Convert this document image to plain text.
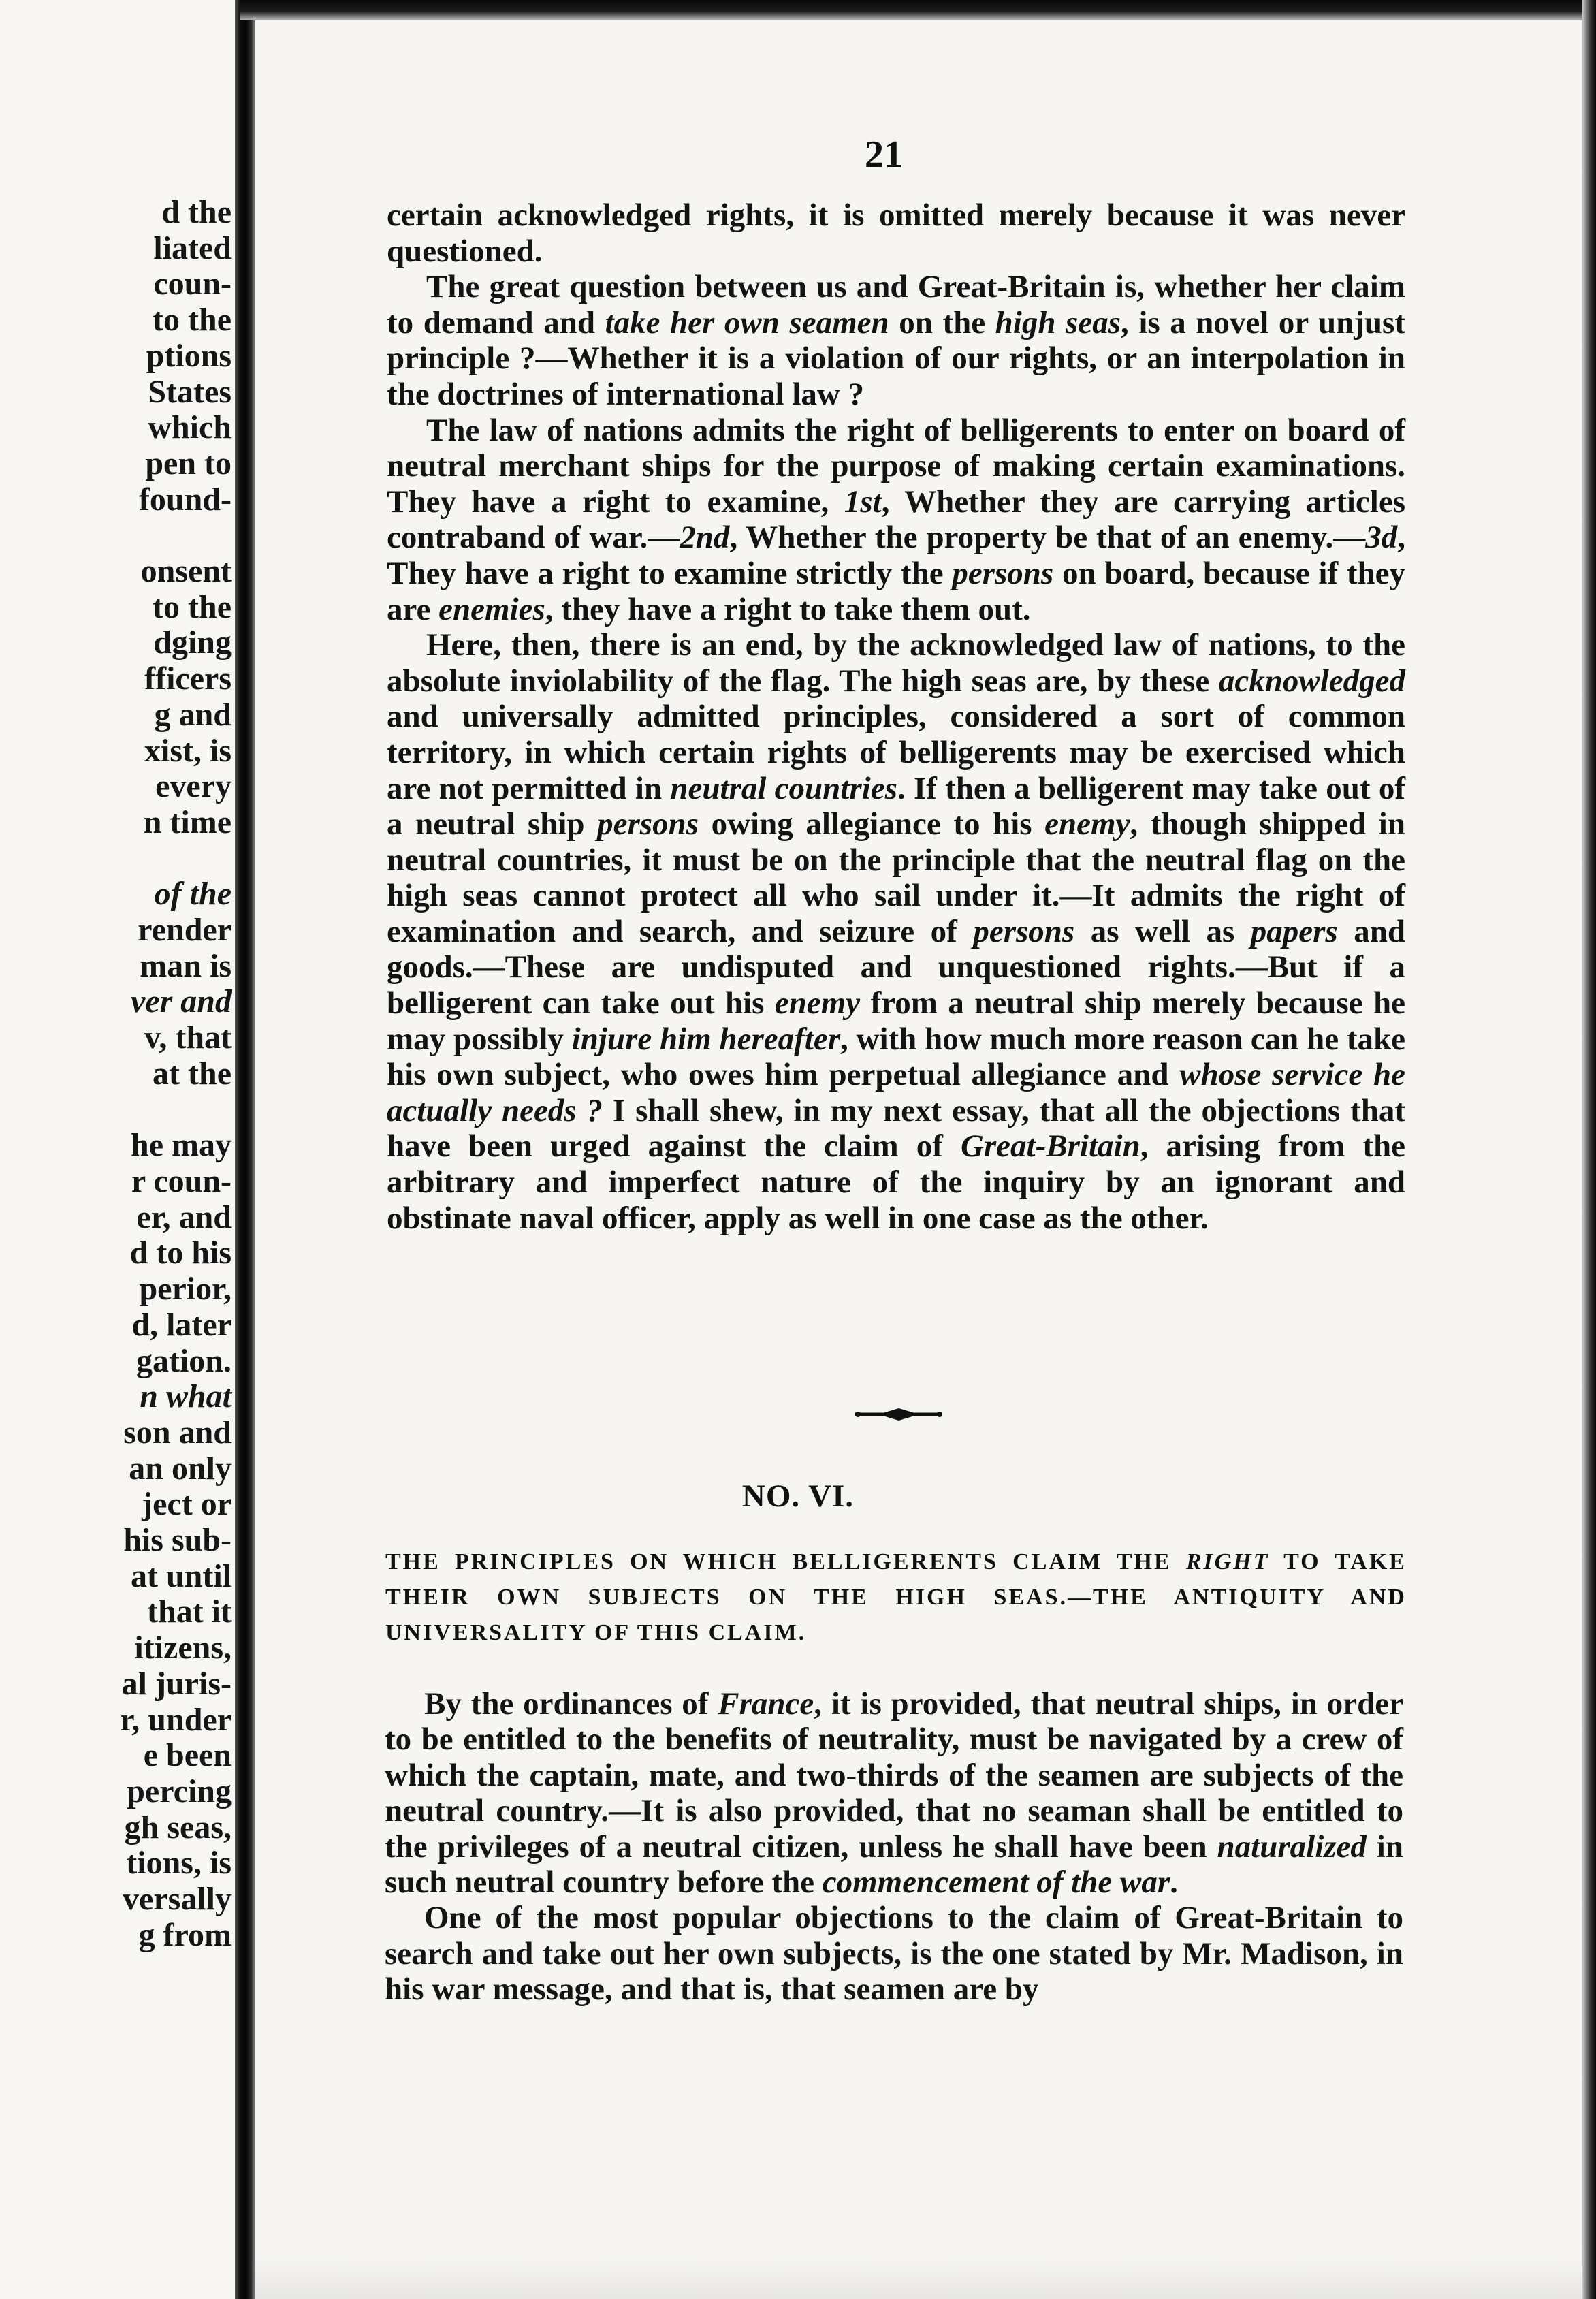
d the
liated
coun-
to the
ptions
States
which
pen to
found-

onsent
to the
dging
fficers
g and
xist, is
every
n time

of the
render
man is
ver and
v, that
at the

he may
r coun-
er, and
d to his
perior,
d, later
gation.
n what
son and
an only
ject or
his sub-
at until
that it
itizens,
al juris-
r, under
e been
percing
gh seas,
tions, is
versally
g from
21

certain acknowledged rights, it is omitted merely because it was never questioned.

The great question between us and Great-Britain is, whether her claim to demand and take her own seamen on the high seas, is a novel or unjust principle ?—Whether it is a violation of our rights, or an interpolation in the doctrines of international law ?

The law of nations admits the right of belligerents to enter on board of neutral merchant ships for the purpose of making certain examinations. They have a right to examine, 1st, Whether they are carrying articles contraband of war.—2nd, Whether the property be that of an enemy.—3d, They have a right to examine strictly the persons on board, because if they are enemies, they have a right to take them out.

Here, then, there is an end, by the acknowledged law of nations, to the absolute inviolability of the flag. The high seas are, by these acknowledged and universally admitted principles, considered a sort of common territory, in which certain rights of belligerents may be exercised which are not permitted in neutral countries. If then a belligerent may take out of a neutral ship persons owing allegiance to his enemy, though shipped in neutral countries, it must be on the principle that the neutral flag on the high seas cannot protect all who sail under it.—It admits the right of examination and search, and seizure of persons as well as papers and goods.—These are undisputed and unquestioned rights.—But if a belligerent can take out his enemy from a neutral ship merely because he may possibly injure him hereafter, with how much more reason can he take his own subject, who owes him perpetual allegiance and whose service he actually needs ? I shall shew, in my next essay, that all the objections that have been urged against the claim of Great-Britain, arising from the arbitrary and imperfect nature of the inquiry by an ignorant and obstinate naval officer, apply as well in one case as the other.

NO. VI.
THE PRINCIPLES ON WHICH BELLIGERENTS CLAIM THE RIGHT TO TAKE THEIR OWN SUBJECTS ON THE HIGH SEAS.—THE ANTIQUITY AND UNIVERSALITY OF THIS CLAIM.

By the ordinances of France, it is provided, that neutral ships, in order to be entitled to the benefits of neutrality, must be navigated by a crew of which the captain, mate, and two-thirds of the seamen are subjects of the neutral country.—It is also provided, that no seaman shall be entitled to the privileges of a neutral citizen, unless he shall have been naturalized in such neutral country before the commencement of the war.

One of the most popular objections to the claim of Great-Britain to search and take out her own subjects, is the one stated by Mr. Madison, in his war message, and that is, that seamen are by
